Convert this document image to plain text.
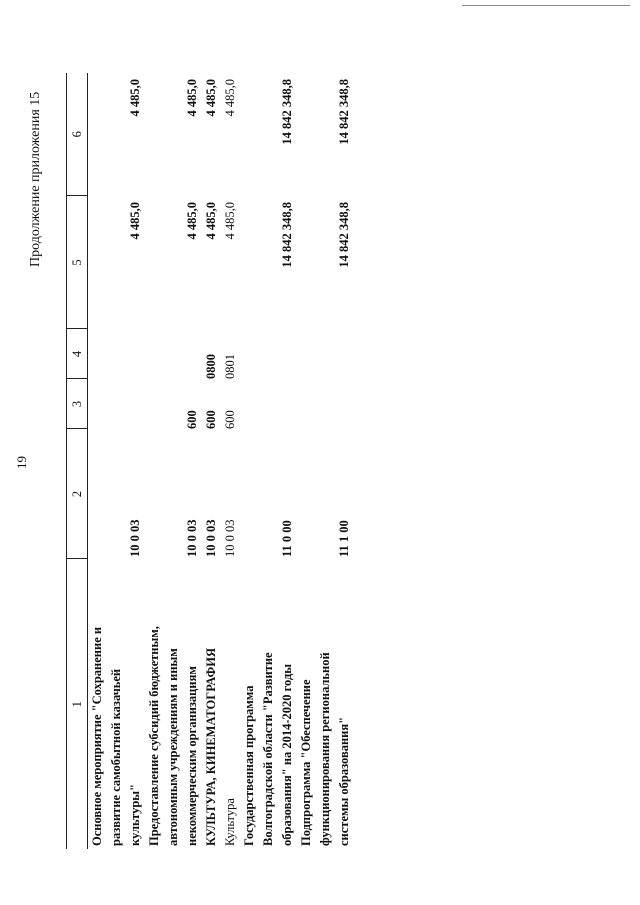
19
Продолжение приложения 15
1	2	3	4	5	6

Основное мероприятие "Сохранение и развитие самобытной казачьей культуры"	10 0 03			4 485,0	4 485,0

Предоставление субсидий бюджетным, автономным учреждениям и иным некоммерческим организациям	10 0 03	600		4 485,0	4 485,0

КУЛЬТУРА, КИНЕМАТОГРАФИЯ	10 0 03	600	0800	4 485,0	4 485,0

Культура	10 0 03	600	0801	4 485,0	4 485,0

Государственная программа Волгоградской области "Развитие образования" на 2014-2020 годы	11 0 00			14 842 348,8	14 842 348,8

Подпрограмма "Обеспечение функционирования региональной системы образования"	11 1 00			14 842 348,8	14 842 348,8
